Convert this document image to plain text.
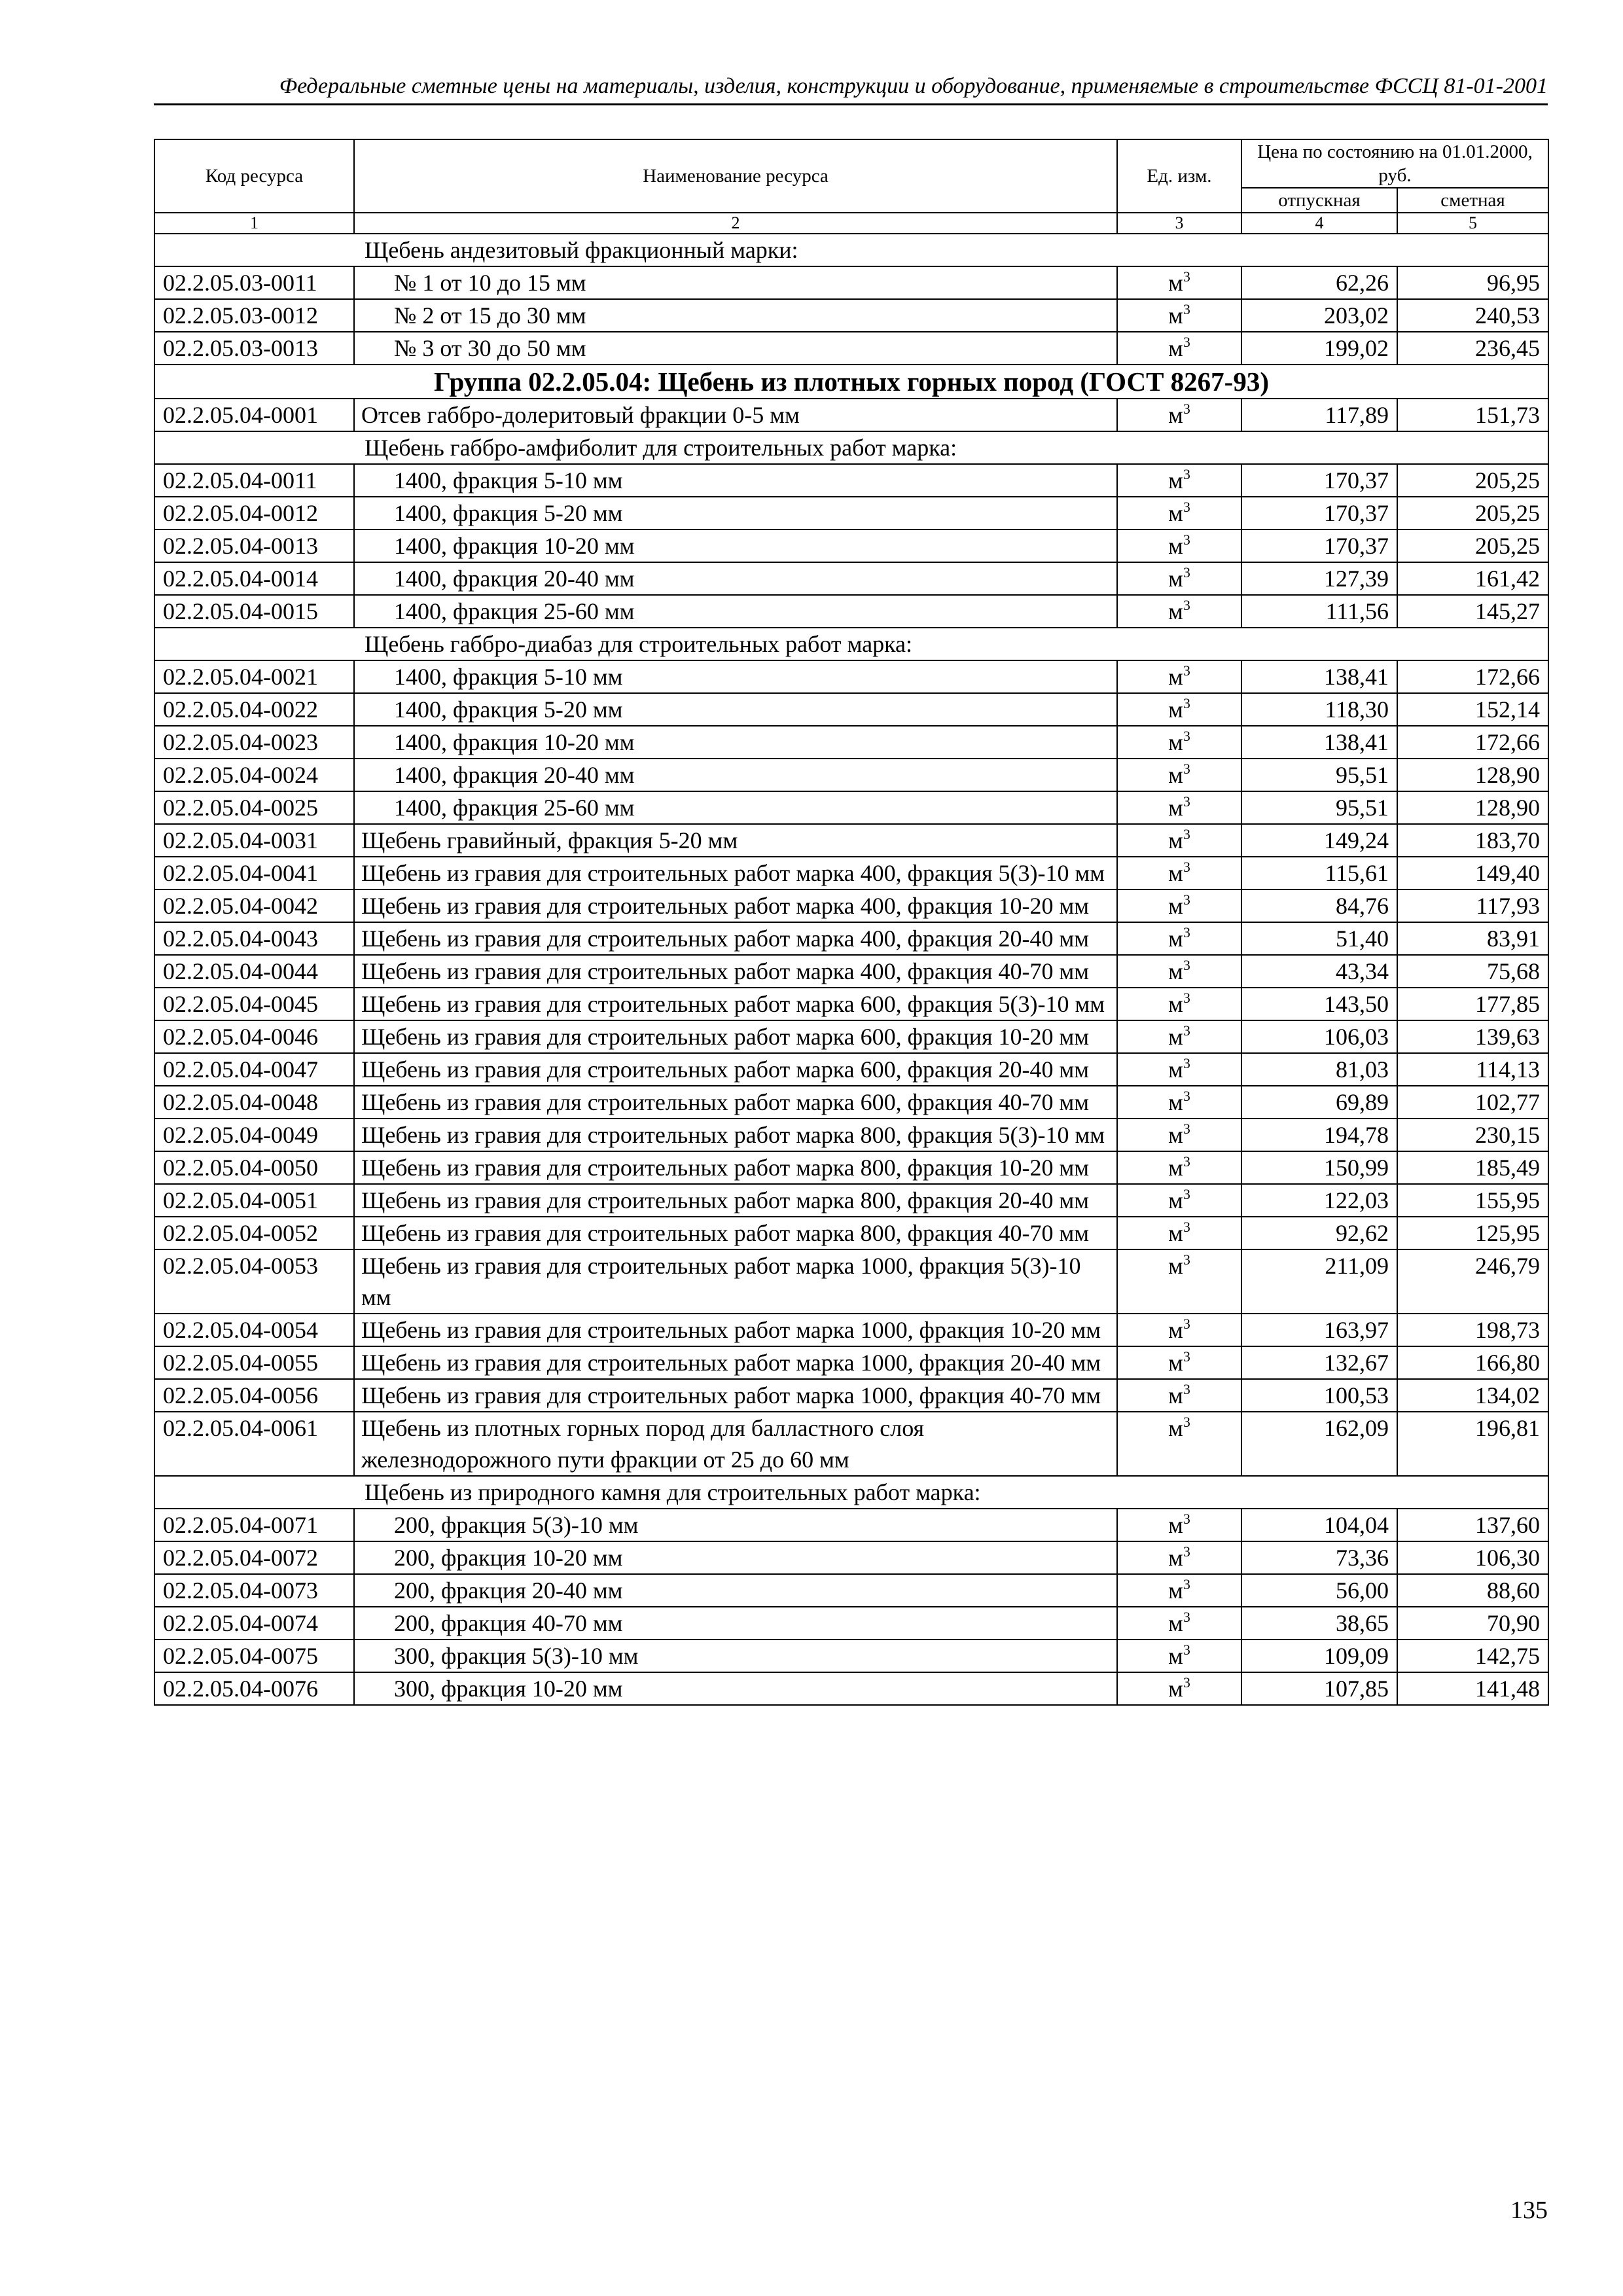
Федеральные сметные цены на материалы, изделия, конструкции и оборудование, применяемые в строительстве ФССЦ 81-01-2001
Код ресурса	Наименование ресурса	Ед. изм.	Цена по состоянию на 01.01.2000, руб.	
			отпускная	сметная
1	2	3	4	5
Щебень андезитовый фракционный марки:				
02.2.05.03-0011	№ 1 от 10 до 15 мм	$м^3$	62,26	96,95
02.2.05.03-0012	№ 2 от 15 до 30 мм	$м^3$	203,02	240,53
02.2.05.03-0013	№ 3 от 30 до 50 мм	$м^3$	199,02	236,45
Группа 02.2.05.04: Щебень из плотных горных пород (ГОСТ 8267-93)				
02.2.05.04-0001	Отсев габбро-долеритовый фракции 0-5 мм	$м^3$	117,89	151,73
Щебень габбро-амфиболит для строительных работ марка:				
02.2.05.04-0011	1400, фракция 5-10 мм	$м^3$	170,37	205,25
02.2.05.04-0012	1400, фракция 5-20 мм	$м^3$	170,37	205,25
02.2.05.04-0013	1400, фракция 10-20 мм	$м^3$	170,37	205,25
02.2.05.04-0014	1400, фракция 20-40 мм	$м^3$	127,39	161,42
02.2.05.04-0015	1400, фракция 25-60 мм	$м^3$	111,56	145,27
Щебень габбро-диабаз для строительных работ марка:				
02.2.05.04-0021	1400, фракция 5-10 мм	$м^3$	138,41	172,66
02.2.05.04-0022	1400, фракция 5-20 мм	$м^3$	118,30	152,14
02.2.05.04-0023	1400, фракция 10-20 мм	$м^3$	138,41	172,66
02.2.05.04-0024	1400, фракция 20-40 мм	$м^3$	95,51	128,90
02.2.05.04-0025	1400, фракция 25-60 мм	$м^3$	95,51	128,90
02.2.05.04-0031	Щебень гравийный, фракция 5-20 мм	$м^3$	149,24	183,70
02.2.05.04-0041	Щебень из гравия для строительных работ марка 400, фракция 5(3)-10 мм	$м^3$	115,61	149,40
02.2.05.04-0042	Щебень из гравия для строительных работ марка 400, фракция 10-20 мм	$м^3$	84,76	117,93
02.2.05.04-0043	Щебень из гравия для строительных работ марка 400, фракция 20-40 мм	$м^3$	51,40	83,91
02.2.05.04-0044	Щебень из гравия для строительных работ марка 400, фракция 40-70 мм	$м^3$	43,34	75,68
02.2.05.04-0045	Щебень из гравия для строительных работ марка 600, фракция 5(3)-10 мм	$м^3$	143,50	177,85
02.2.05.04-0046	Щебень из гравия для строительных работ марка 600, фракция 10-20 мм	$м^3$	106,03	139,63
02.2.05.04-0047	Щебень из гравия для строительных работ марка 600, фракция 20-40 мм	$м^3$	81,03	114,13
02.2.05.04-0048	Щебень из гравия для строительных работ марка 600, фракция 40-70 мм	$м^3$	69,89	102,77
02.2.05.04-0049	Щебень из гравия для строительных работ марка 800, фракция 5(3)-10 мм	$м^3$	194,78	230,15
02.2.05.04-0050	Щебень из гравия для строительных работ марка 800, фракция 10-20 мм	$м^3$	150,99	185,49
02.2.05.04-0051	Щебень из гравия для строительных работ марка 800, фракция 20-40 мм	$м^3$	122,03	155,95
02.2.05.04-0052	Щебень из гравия для строительных работ марка 800, фракция 40-70 мм	$м^3$	92,62	125,95
02.2.05.04-0053	Щебень из гравия для строительных работ марка 1000, фракция 5(3)-10 мм	$м^3$	211,09	246,79
02.2.05.04-0054	Щебень из гравия для строительных работ марка 1000, фракция 10-20 мм	$м^3$	163,97	198,73
02.2.05.04-0055	Щебень из гравия для строительных работ марка 1000, фракция 20-40 мм	$м^3$	132,67	166,80
02.2.05.04-0056	Щебень из гравия для строительных работ марка 1000, фракция 40-70 мм	$м^3$	100,53	134,02
02.2.05.04-0061	Щебень из плотных горных пород для балластного слоя железнодорожного пути фракции от 25 до 60 мм	$м^3$	162,09	196,81
Щебень из природного камня для строительных работ марка:				
02.2.05.04-0071	200, фракция 5(3)-10 мм	$м^3$	104,04	137,60
02.2.05.04-0072	200, фракция 10-20 мм	$м^3$	73,36	106,30
02.2.05.04-0073	200, фракция 20-40 мм	$м^3$	56,00	88,60
02.2.05.04-0074	200, фракция 40-70 мм	$м^3$	38,65	70,90
02.2.05.04-0075	300, фракция 5(3)-10 мм	$м^3$	109,09	142,75
02.2.05.04-0076	300, фракция 10-20 мм	$м^3$	107,85	141,48
135
